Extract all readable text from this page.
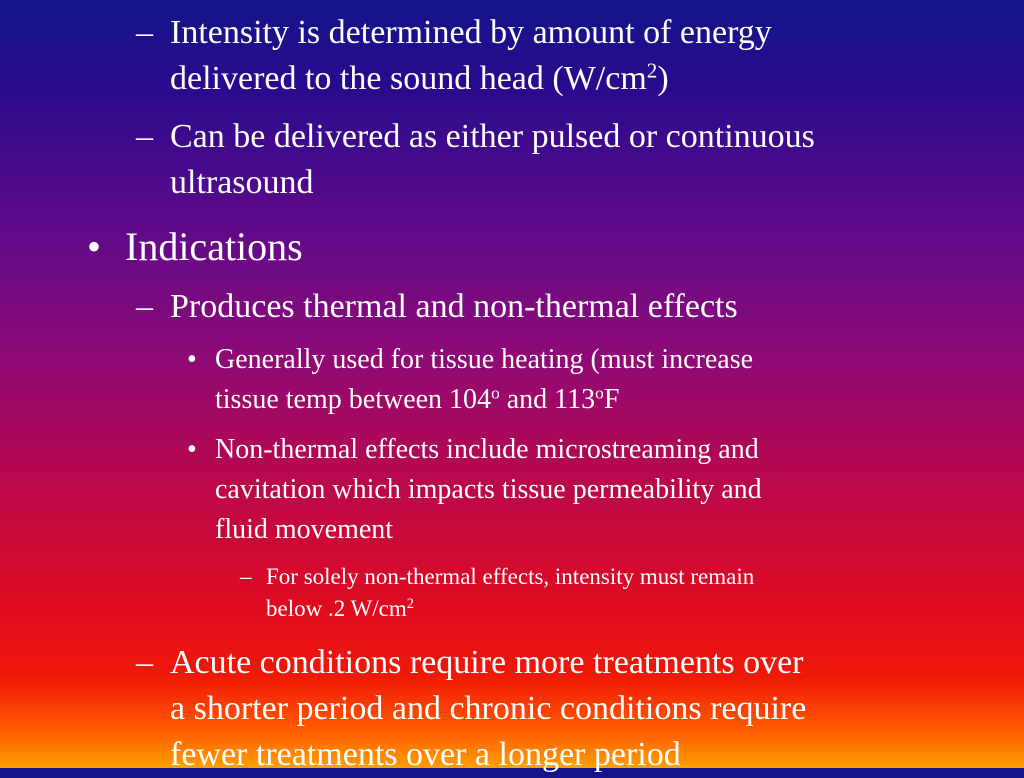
– Intensity is determined by amount of energy
delivered to the sound head $(W/cm^2)$
– Can be delivered as either pulsed or continuous
ultrasound
• Indications
– Produces thermal and non-thermal effects
• Generally used for tissue heating (must increase
tissue temp between 104$^o$ and 113$^o$F
• Non-thermal effects include microstreaming and
cavitation which impacts tissue permeability and
fluid movement
– For solely non-thermal effects, intensity must remain
below .2 $W/cm^2$
– Acute conditions require more treatments over
a shorter period and chronic conditions require
fewer treatments over a longer period
